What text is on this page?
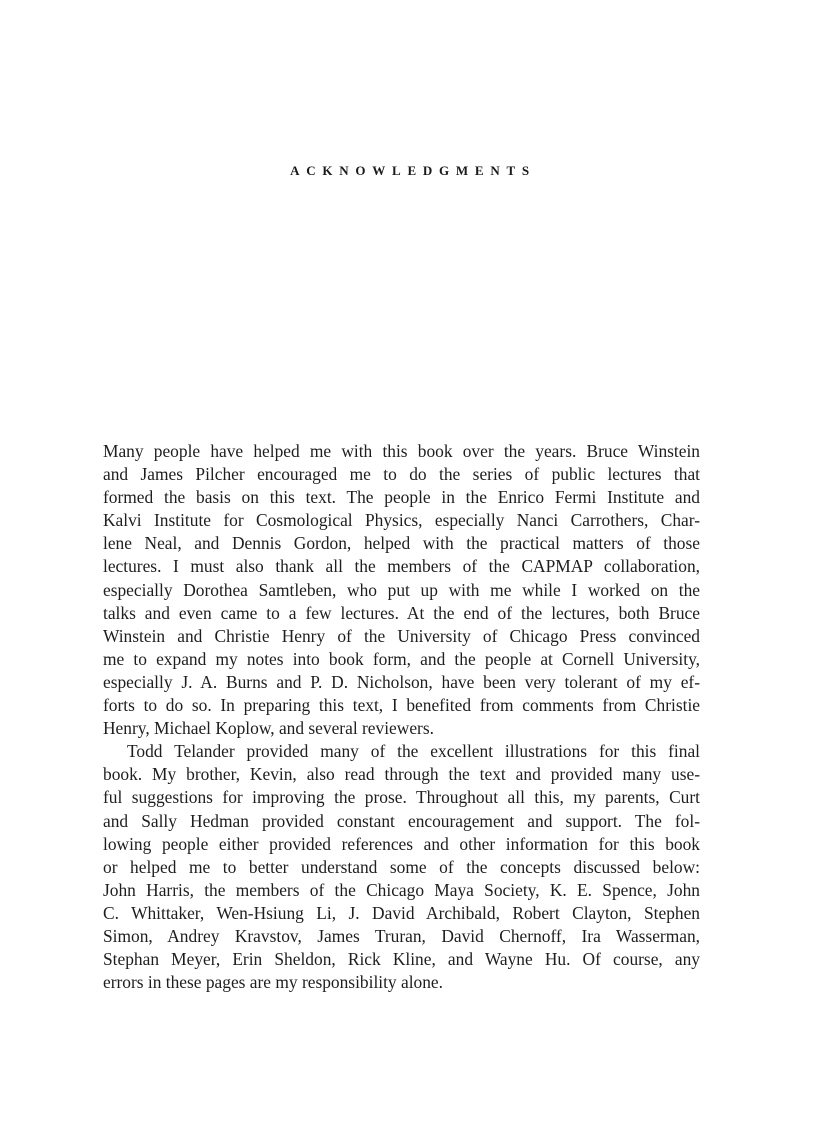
ACKNOWLEDGMENTS
Many people have helped me with this book over the years. Bruce Winstein
and James Pilcher encouraged me to do the series of public lectures that
formed the basis on this text. The people in the Enrico Fermi Institute and
Kalvi Institute for Cosmological Physics, especially Nanci Carrothers, Char-
lene Neal, and Dennis Gordon, helped with the practical matters of those
lectures. I must also thank all the members of the CAPMAP collaboration,
especially Dorothea Samtleben, who put up with me while I worked on the
talks and even came to a few lectures. At the end of the lectures, both Bruce
Winstein and Christie Henry of the University of Chicago Press convinced
me to expand my notes into book form, and the people at Cornell University,
especially J. A. Burns and P. D. Nicholson, have been very tolerant of my ef-
forts to do so. In preparing this text, I benefited from comments from Christie
Henry, Michael Koplow, and several reviewers.
Todd Telander provided many of the excellent illustrations for this final
book. My brother, Kevin, also read through the text and provided many use-
ful suggestions for improving the prose. Throughout all this, my parents, Curt
and Sally Hedman provided constant encouragement and support. The fol-
lowing people either provided references and other information for this book
or helped me to better understand some of the concepts discussed below:
John Harris, the members of the Chicago Maya Society, K. E. Spence, John
C. Whittaker, Wen-Hsiung Li, J. David Archibald, Robert Clayton, Stephen
Simon, Andrey Kravstov, James Truran, David Chernoff, Ira Wasserman,
Stephan Meyer, Erin Sheldon, Rick Kline, and Wayne Hu. Of course, any
errors in these pages are my responsibility alone.
